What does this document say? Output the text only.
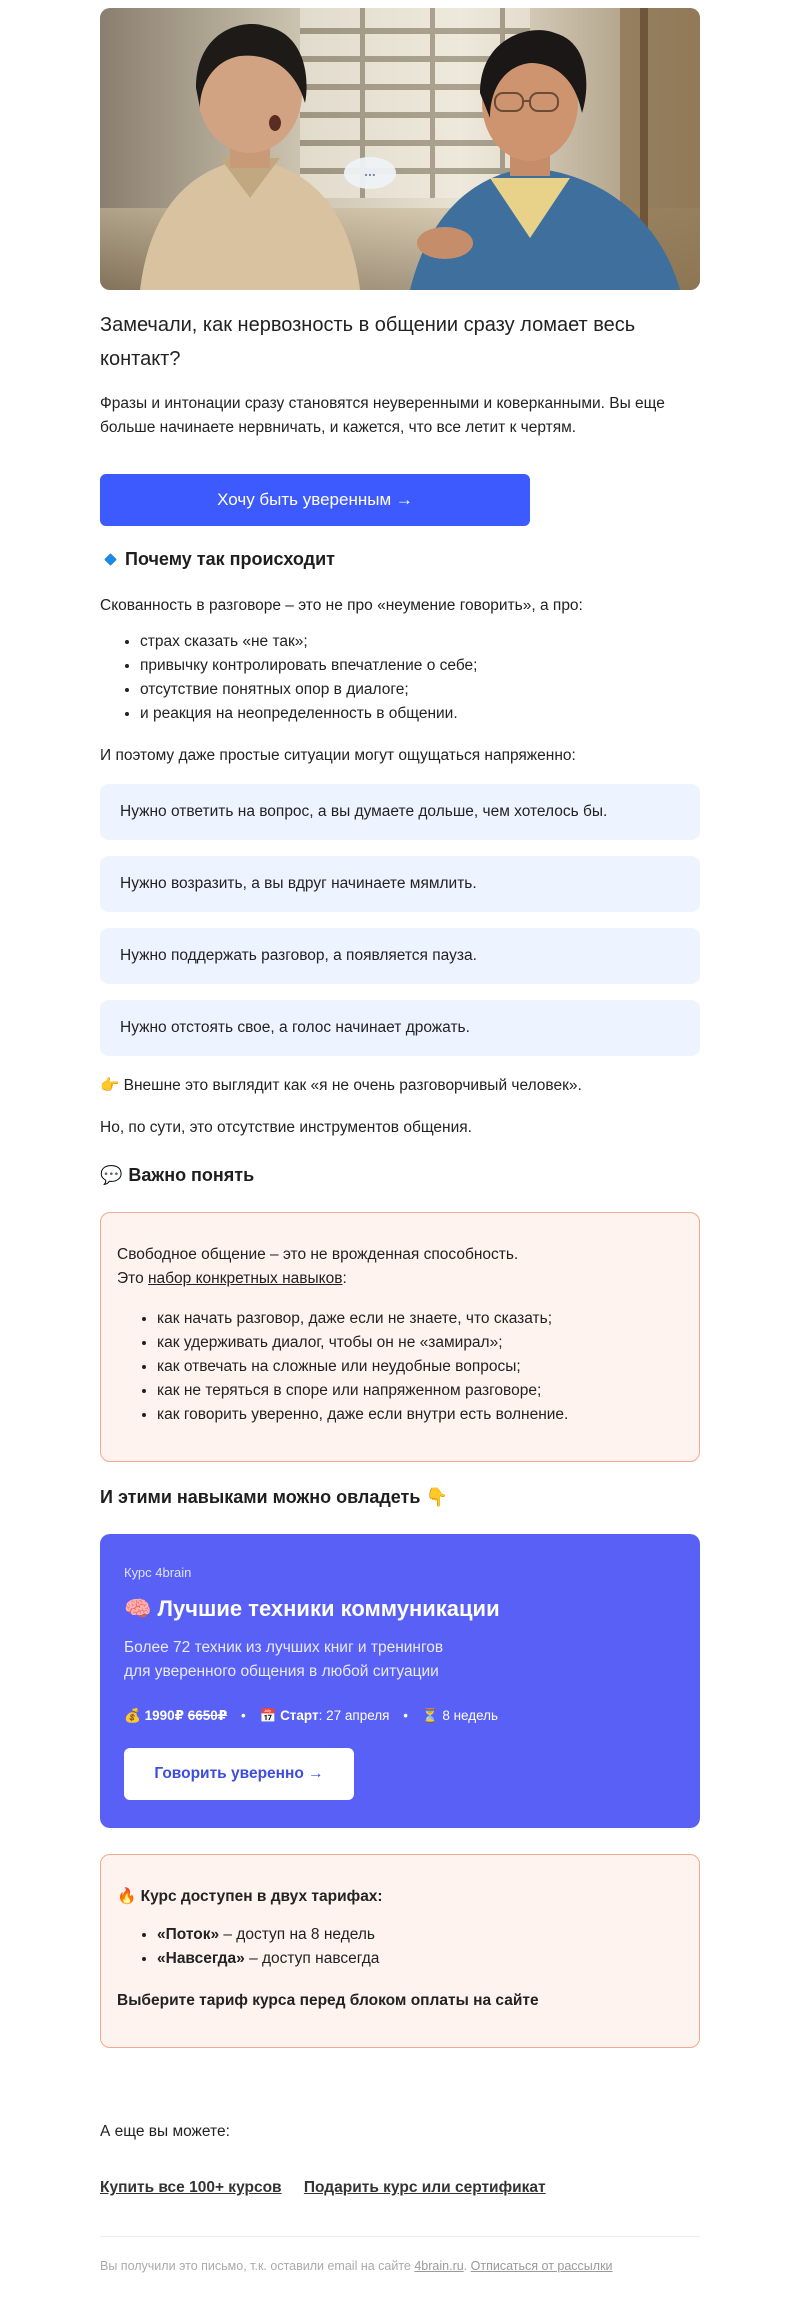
...

Замечали, как нервозность в общении сразу ломает весь контакт?

Фразы и интонации сразу становятся неуверенными и коверканными. Вы еще больше начинаете нервничать, и кажется, что все летит к чертям.

Хочу быть уверенным →
Почему так происходит

Скованность в разговоре – это не про «неумение говорить», а про:

• страх сказать «не так»;
• привычку контролировать впечатление о себе;
• отсутствие понятных опор в диалоге;
• и реакция на неопределенность в общении.

И поэтому даже простые ситуации могут ощущаться напряженно:

Нужно ответить на вопрос, а вы думаете дольше, чем хотелось бы.
Нужно возразить, а вы вдруг начинаете мямлить.
Нужно поддержать разговор, а появляется пауза.
Нужно отстоять свое, а голос начинает дрожать.

👉 Внешне это выглядит как «я не очень разговорчивый человек».

Но, по сути, это отсутствие инструментов общения.

💬 Важно понять

Свободное общение – это не врожденная способность.

Это набор конкретных навыков:

• как начать разговор, даже если не знаете, что сказать;
• как удерживать диалог, чтобы он не «замирал»;
• как отвечать на сложные или неудобные вопросы;
• как не теряться в споре или напряженном разговоре;
• как говорить уверенно, даже если внутри есть волнение.
И этими навыками можно овладеть 👇
Курс 4brain
🧠 Лучшие техники коммуникации
Более 72 техник из лучших книг и тренингов
для уверенного общения в любой ситуации
💰 1990₽ 6650₽ • 📅 Старт: 27 апреля • ⏳ 8 недель
Говорить уверенно →
🔥 Курс доступен в двух тарифах:
• «Поток» – доступ на 8 недель
• «Навсегда» – доступ навсегда
Выберите тариф курса перед блоком оплаты на сайте
А еще вы можете:
Купить все 100+ курсов Подарить курс или сертификат
Вы получили это письмо, т.к. оставили email на сайте 4brain.ru. Отписаться от рассылки
